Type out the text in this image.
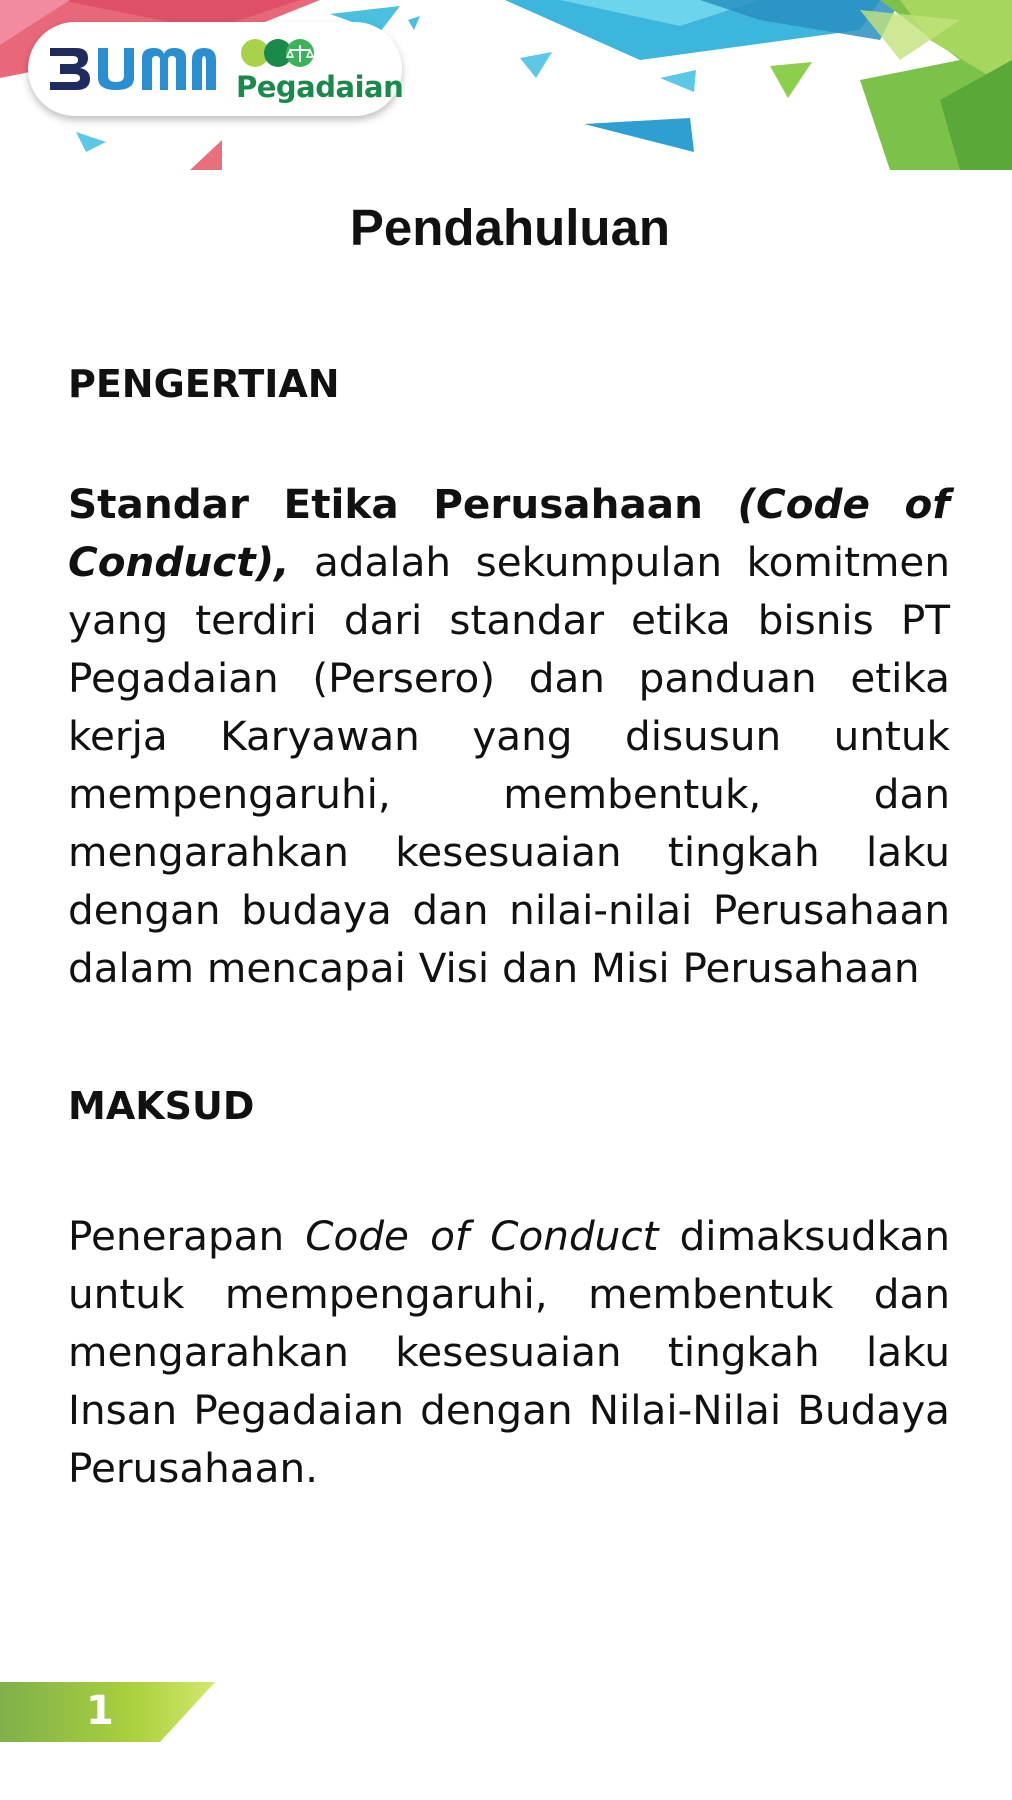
Pegadaian
Pendahuluan
PENGERTIAN

Standar Etika Perusahaan (Code of Conduct), adalah sekumpulan komitmen yang terdiri dari standar etika bisnis PT Pegadaian (Persero) dan panduan etika kerja Karyawan yang disusun untuk mempengaruhi, membentuk, dan mengarahkan kesesuaian tingkah laku dengan budaya dan nilai-nilai Perusahaan dalam mencapai Visi dan Misi Perusahaan

MAKSUD

Penerapan Code of Conduct dimaksudkan untuk mempengaruhi, membentuk dan mengarahkan kesesuaian tingkah laku Insan Pegadaian dengan Nilai-Nilai Budaya Perusahaan.

1
